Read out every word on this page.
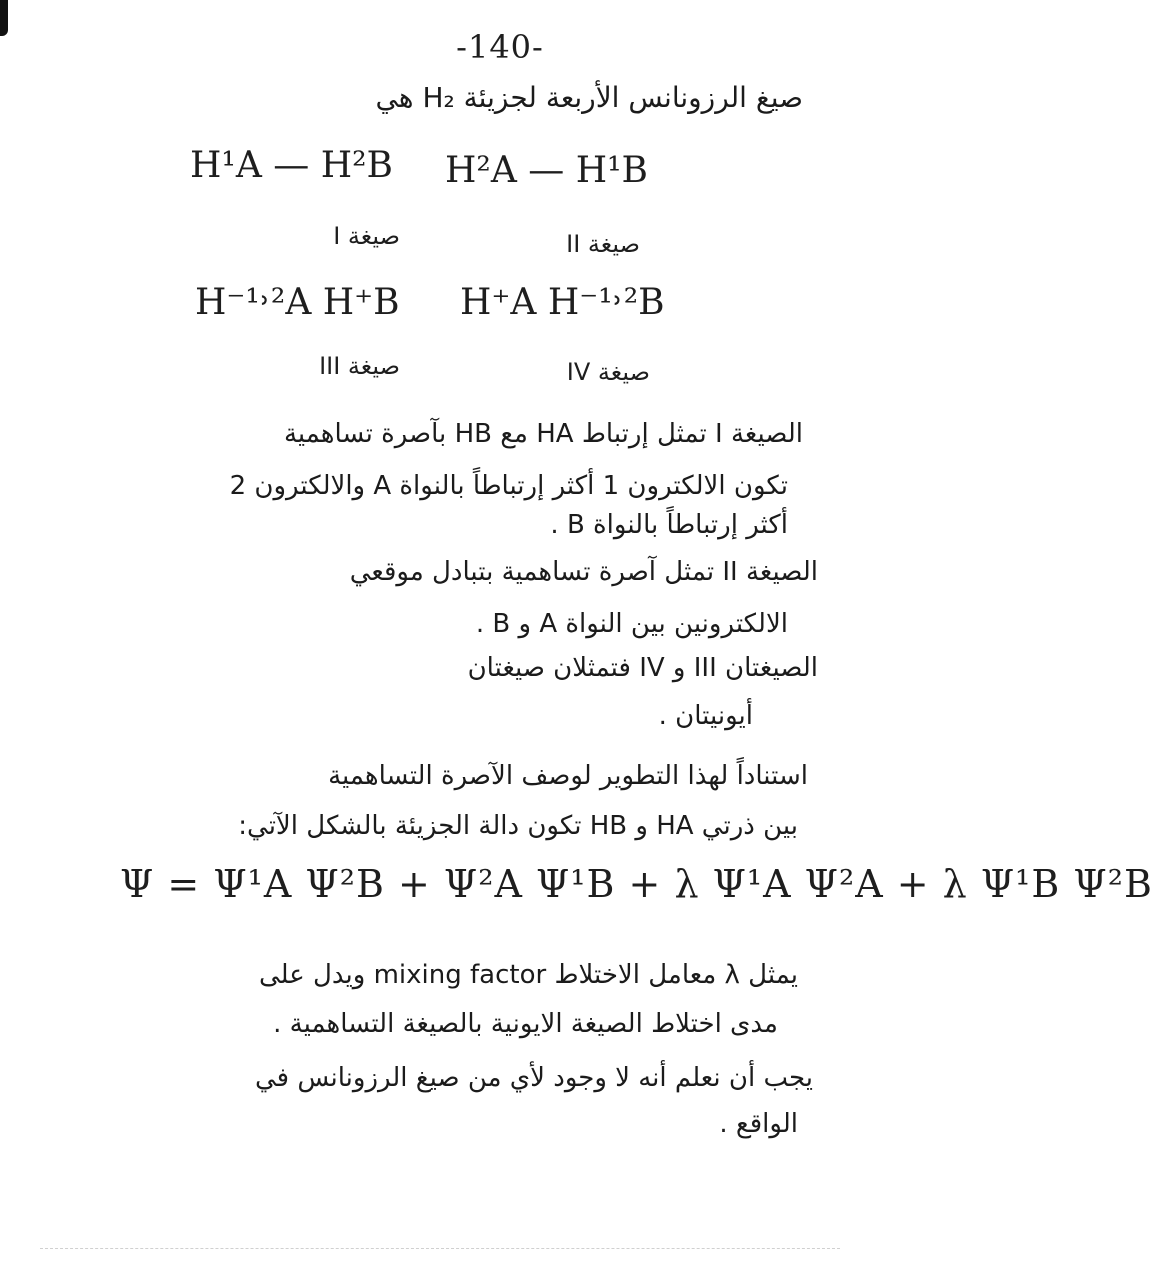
-140-
صيغ الرزونانس الأربعة لجزيئة H₂ هي
H¹A — H²B	H²A — H¹B
صيغة I	صيغة II
H⁻¹˒²A H⁺B	H⁺A H⁻¹˒²B
صيغة III	صيغة IV
الصيغة I تمثل إرتباط HA مع HB بآصرة تساهمية
تكون الالكترون 1 أكثر إرتباطاً بالنواة A والالكترون 2
أكثر إرتباطاً بالنواة B .
الصيغة II تمثل آصرة تساهمية بتبادل موقعي
الالكترونين بين النواة A و B .
الصيغتان III و IV فتمثلان صيغتان
أيونيتان .
استناداً لهذا التطوير لوصف الآصرة التساهمية
بين ذرتي HA و HB تكون دالة الجزيئة بالشكل الآتي:
Ψ = Ψ¹A Ψ²B + Ψ²A Ψ¹B + λ Ψ¹A Ψ²A + λ Ψ¹B Ψ²B
يمثل λ معامل الاختلاط mixing factor ويدل على
مدى اختلاط الصيغة الايونية بالصيغة التساهمية .
يجب أن نعلم أنه لا وجود لأي من صيغ الرزونانس في
الواقع .
